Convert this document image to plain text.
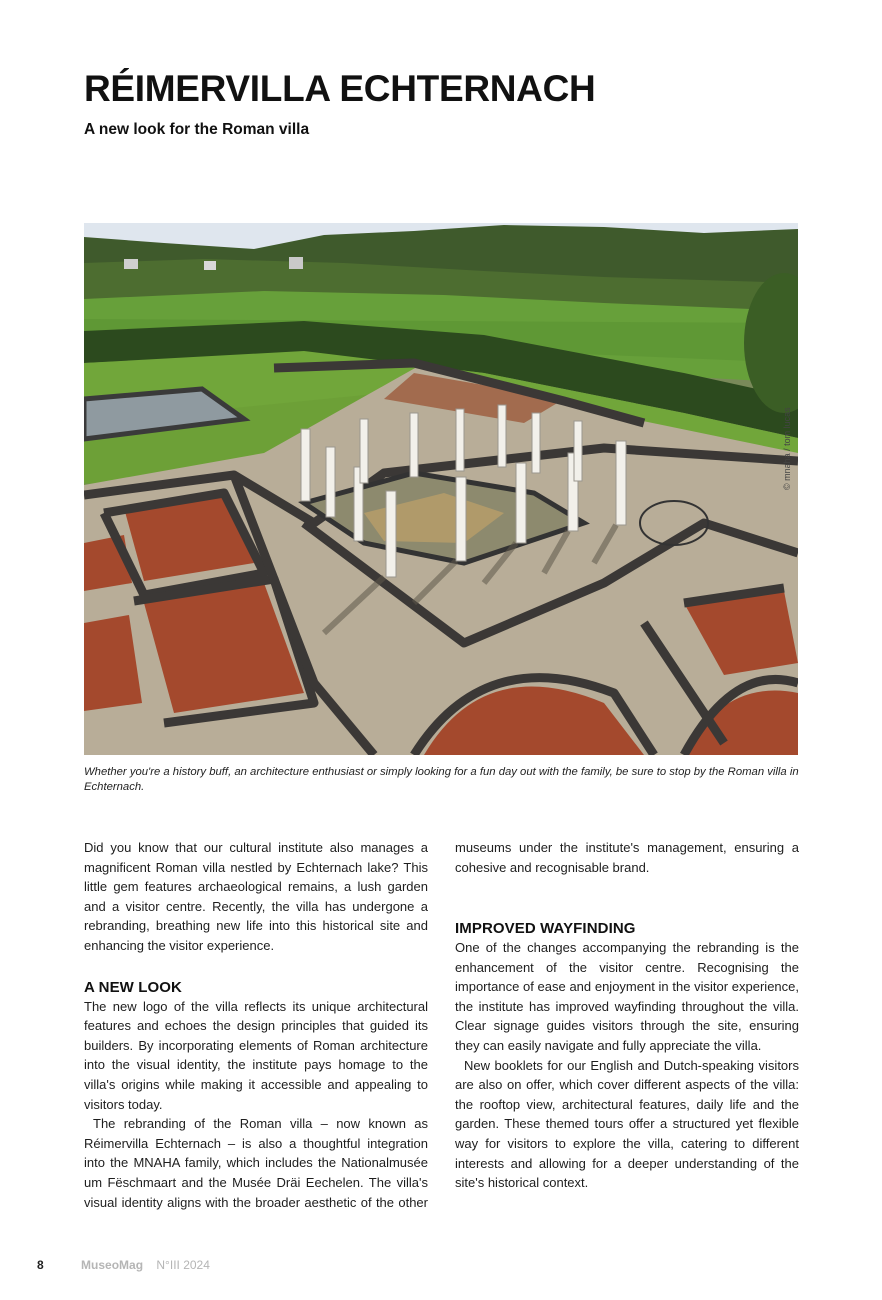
RÉIMERVILLA ECHTERNACH

A new look for the Roman villa

© mnaha / tom lucas

Whether you're a history buff, an architecture enthusiast or simply looking for a fun day out with the family, be sure to stop by the Roman villa in Echternach.

Did you know that our cultural institute also manages a magnificent Roman villa nestled by Echternach lake? This little gem features archaeological remains, a lush garden and a visitor centre. Recently, the villa has undergone a rebranding, breathing new life into this historical site and enhancing the visitor experience.

A NEW LOOK

The new logo of the villa reflects its unique architectural features and echoes the design principles that guided its builders. By incorporating elements of Roman architecture into the visual identity, the institute pays homage to the villa's origins while making it accessible and appealing to visitors today.

The rebranding of the Roman villa – now known as Réimervilla Echternach – is also a thoughtful integration into the MNAHA family, which includes the Nationalmusée um Fëschmaart and the Musée Dräi Eechelen. The villa's visual identity aligns with the broader aesthetic of the other

museums under the institute's management, ensuring a cohesive and recognisable brand.

IMPROVED WAYFINDING

One of the changes accompanying the rebranding is the enhancement of the visitor centre. Recognising the importance of ease and enjoyment in the visitor experience, the institute has improved wayfinding throughout the villa. Clear signage guides visitors through the site, ensuring they can easily navigate and fully appreciate the villa.

New booklets for our English and Dutch-speaking visitors are also on offer, which cover different aspects of the villa: the rooftop view, architectural features, daily life and the garden. These themed tours offer a structured yet flexible way for visitors to explore the villa, catering to different interests and allowing for a deeper understanding of the site's historical context.

8	MuseoMag N°III 2024
